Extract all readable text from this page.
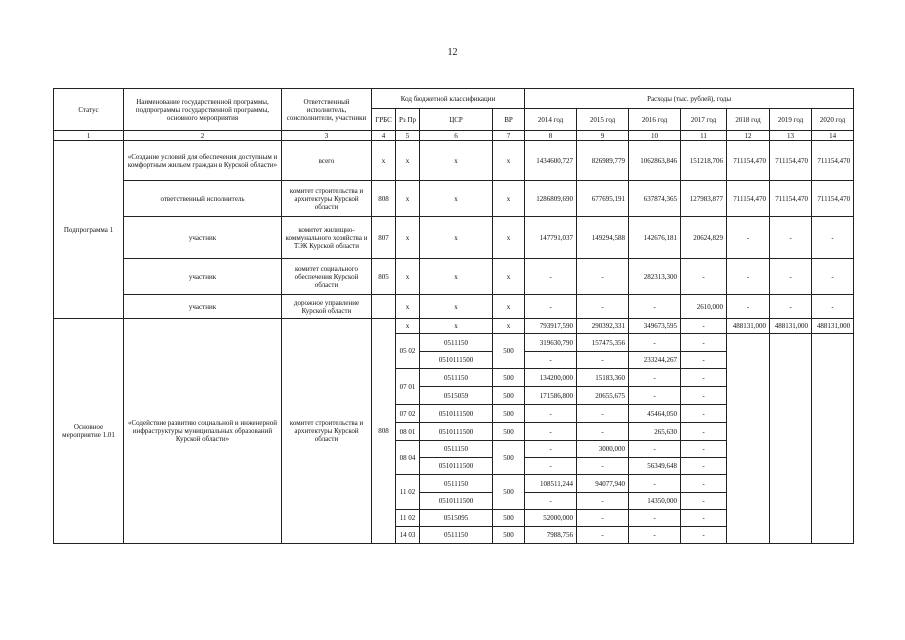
12
Статус	Наименование государственной программы, подпрограммы государственной программы, основного мероприятия	Ответственный исполнитель, соисполнители, участники	Код бюджетной классификации				Расходы (тыс. рублей), годы						
			ГРБС	Рз Пр	ЦСР	ВР	2014 год	2015 год	2016 год	2017 год	2018 год	2019 год	2020 год
1	2	3	4	5	6	7	8	9	10	11	12	13	14
Подпрограмма 1	«Создание условий для обеспечения доступным и комфортным жильем граждан в Курской области»	всего	х	х	х	х	1434600,727	826989,779	1062863,846	151218,706	711154,470	711154,470	711154,470
	ответственный исполнитель	комитет строительства и архитектуры Курской области	808	х	х	х	1286809,690	677695,191	637874,365	127983,877	711154,470	711154,470	711154,470
	участник	комитет жилищно-коммунального хозяйства и ТЭК Курской области	807	х	х	х	147791,037	149294,588	142676,181	20624,829	-	-	-
	участник	комитет социального обеспечения Курской области	805	х	х	х	-	-	282313,300	-	-	-	-
	участник	дорожное управление Курской области		х	х	х	-	-	-	2610,000	-	-	-
Основное мероприятие 1.01	«Содействие развитию социальной и инженерной инфраструктуры муниципальных образований Курской области»	комитет строительства и архитектуры Курской области	808	х	х	х	793917,590	290392,331	349673,595	-	488131,000	488131,000	488131,000
				05 02	0511150	500	319630,790	157475,356	-	-			
					0510111500		-	-	233244,267	-			
				07 01	0511150	500	134200,000	15183,360	-	-			
					0515059	500	171586,800	20655,675	-	-			
				07 02	0510111500	500	-	-	45464,050	-			
				08 01	0510111500	500	-	-	265,630	-			
				08 04	0511150	500	-	3000,000	-	-			
					0510111500		-	-	56349,648	-			
				11 02	0511150	500	108511,244	94077,940	-	-			
					0510111500		-	-	14350,000	-			
				11 02	0515095	500	52000,000	-	-	-			
				14 03	0511150	500	7988,756	-	-	-			
